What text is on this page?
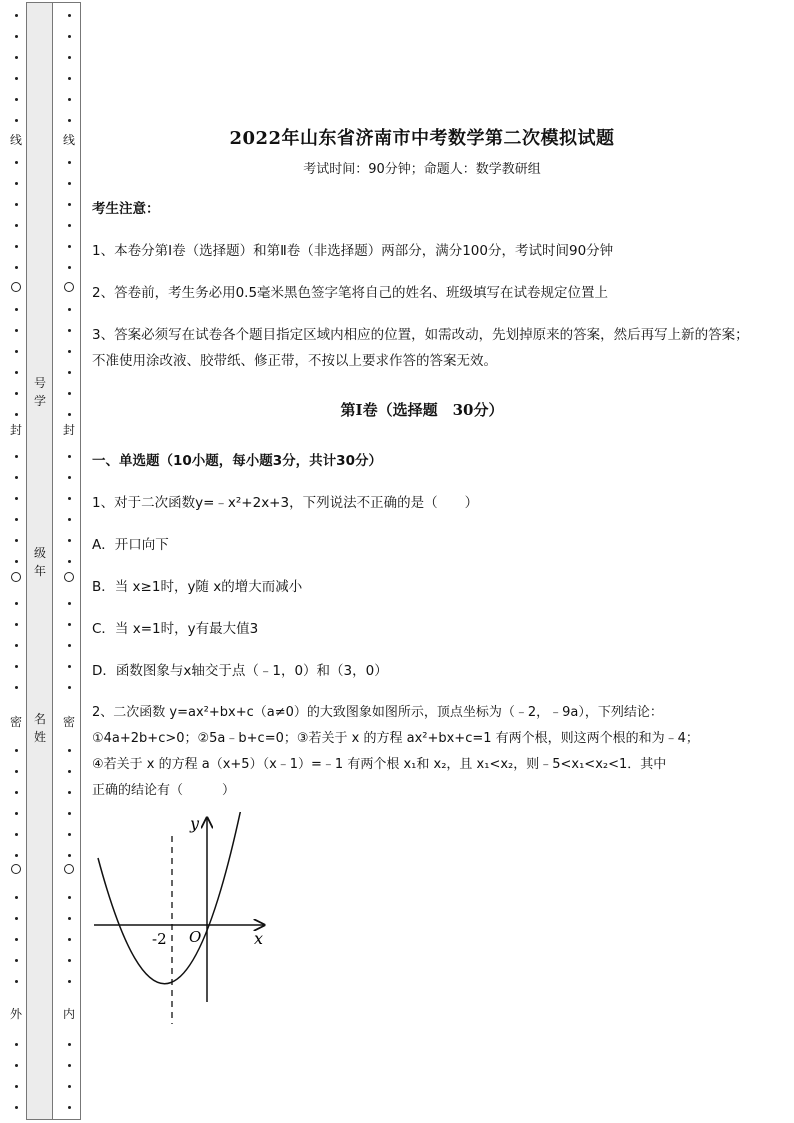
号
学
级
年
名
姓
线
封
密
外
线
封
密
内
2022年山东省济南市中考数学第二次模拟试题
考试时间：90分钟；命题人：数学教研组
考生注意：
1、本卷分第I卷（选择题）和第Ⅱ卷（非选择题）两部分，满分100分，考试时间90分钟
2、答卷前，考生务必用0.5毫米黑色签字笔将自己的姓名、班级填写在试卷规定位置上
3、答案必须写在试卷各个题目指定区域内相应的位置，如需改动，先划掉原来的答案，然后再写上新的答案；不准使用涂改液、胶带纸、修正带，不按以上要求作答的答案无效。
第I卷（选择题　30分）
一、单选题（10小题，每小题3分，共计30分）
1、对于二次函数y=﹣x²+2x+3，下列说法不正确的是（　　）
A．开口向下
B．当 x≥1时，y随 x的增大而减小
C．当 x=1时，y有最大值3
D．函数图象与x轴交于点（﹣1，0）和（3，0）
2、二次函数 y=ax²+bx+c（a≠0）的大致图象如图所示，顶点坐标为（﹣2，﹣9a），下列结论：
①4a+2b+c>0；②5a﹣b+c=0；③若关于 x 的方程 ax²+bx+c=1 有两个根，则这两个根的和为﹣4；
④若关于 x 的方程 a（x+5）（x﹣1）=﹣1 有两个根 x₁和 x₂，且 x₁<x₂，则﹣5<x₁<x₂<1．其中
正确的结论有（　　　）
y
x
O
-2
